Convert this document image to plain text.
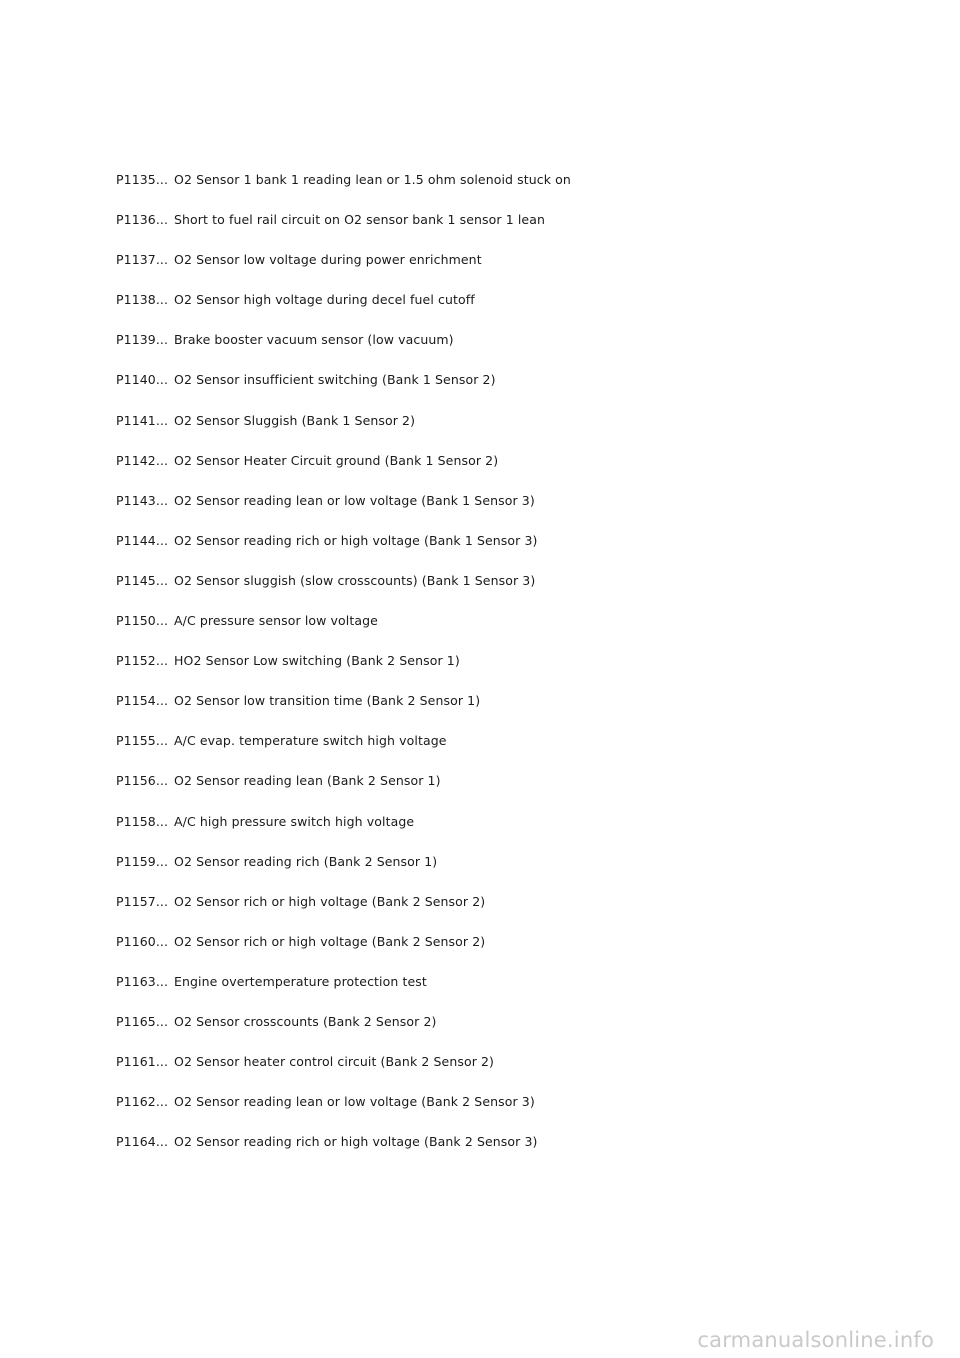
P1135... O2 Sensor 1 bank 1 reading lean or 1.5 ohm solenoid stuck on
P1136... Short to fuel rail circuit on O2 sensor bank 1 sensor 1 lean
P1137... O2 Sensor low voltage during power enrichment
P1138... O2 Sensor high voltage during decel fuel cutoff
P1139... Brake booster vacuum sensor (low vacuum)
P1140... O2 Sensor insufficient switching (Bank 1 Sensor 2)
P1141... O2 Sensor Sluggish (Bank 1 Sensor 2)
P1142... O2 Sensor Heater Circuit ground (Bank 1 Sensor 2)
P1143... O2 Sensor reading lean or low voltage (Bank 1 Sensor 3)
P1144... O2 Sensor reading rich or high voltage (Bank 1 Sensor 3)
P1145... O2 Sensor sluggish (slow crosscounts) (Bank 1 Sensor 3)
P1150... A/C pressure sensor low voltage
P1152... HO2 Sensor Low switching (Bank 2 Sensor 1)
P1154... O2 Sensor low transition time (Bank 2 Sensor 1)
P1155... A/C evap. temperature switch high voltage
P1156... O2 Sensor reading lean (Bank 2 Sensor 1)
P1158... A/C high pressure switch high voltage
P1159... O2 Sensor reading rich (Bank 2 Sensor 1)
P1157... O2 Sensor rich or high voltage (Bank 2 Sensor 2)
P1160... O2 Sensor rich or high voltage (Bank 2 Sensor 2)
P1163... Engine overtemperature protection test
P1165... O2 Sensor crosscounts (Bank 2 Sensor 2)
P1161... O2 Sensor heater control circuit (Bank 2 Sensor 2)
P1162... O2 Sensor reading lean or low voltage (Bank 2 Sensor 3)
P1164... O2 Sensor reading rich or high voltage (Bank 2 Sensor 3)
carmanualsonline.info
